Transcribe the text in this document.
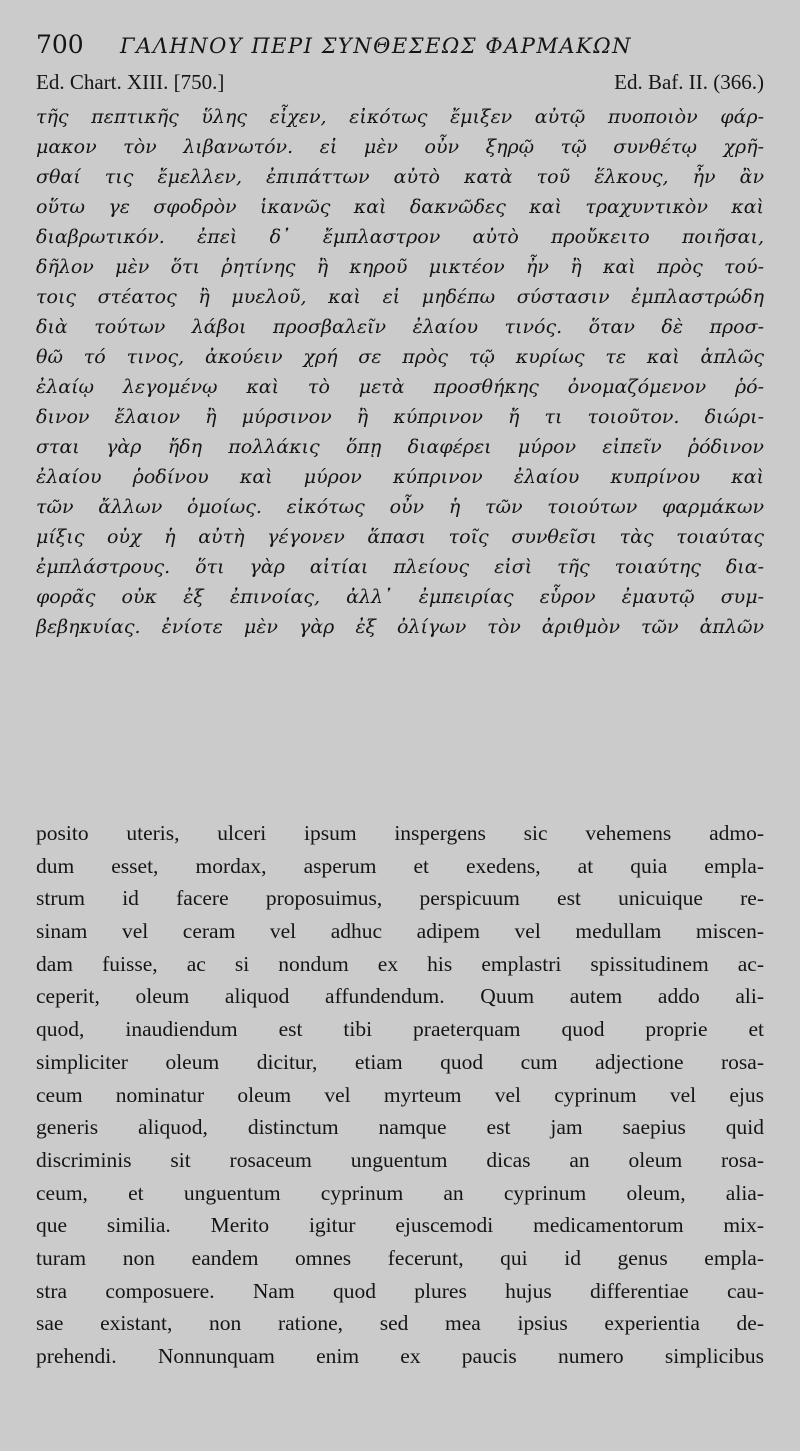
700	ΓΑΛΗΝΟΥ ΠΕΡΙ ΣΥΝΘΕΣΕΩΣ ΦΑΡΜΑΚΩΝ
Ed. Chart. XIII. [750.]	Ed. Baf. II. (366.)
τῆς πεπτικῆς ὕλης εἶχεν, εἰκότως ἔμιξεν αὐτῷ πυοποιὸν φάρ-
μακον τὸν λιβανωτόν. εἰ μὲν οὖν ξηρῷ τῷ συνθέτῳ χρῆ-
σθαί τις ἔμελλεν, ἐπιπάττων αὐτὸ κατὰ τοῦ ἕλκους, ἦν ἂν
οὕτω γε σφοδρὸν ἱκανῶς καὶ δακνῶδες καὶ τραχυντικὸν καὶ
διαβρωτικόν. ἐπεὶ δ᾽ ἔμπλαστρον αὐτὸ προὔκειτο ποιῆσαι,
δῆλον μὲν ὅτι ῥητίνης ἢ κηροῦ μικτέον ἦν ἢ καὶ πρὸς τού-
τοις στέατος ἢ μυελοῦ, καὶ εἰ μηδέπω σύστασιν ἐμπλαστρώδη
διὰ τούτων λάβοι προσβαλεῖν ἐλαίου τινός. ὅταν δὲ προσ-
θῶ τό τινος, ἀκούειν χρή σε πρὸς τῷ κυρίως τε καὶ ἁπλῶς
ἐλαίῳ λεγομένῳ καὶ τὸ μετὰ προσθήκης ὀνομαζόμενον ῥό-
δινον ἔλαιον ἢ μύρσινον ἢ κύπρινον ἤ τι τοιοῦτον. διώρι-
σται γὰρ ἤδη πολλάκις ὅπῃ διαφέρει μύρον εἰπεῖν ῥόδινον
ἐλαίου ῥοδίνου καὶ μύρον κύπρινον ἐλαίου κυπρίνου καὶ
τῶν ἄλλων ὁμοίως. εἰκότως οὖν ἡ τῶν τοιούτων φαρμάκων
μίξις οὐχ ἡ αὐτὴ γέγονεν ἅπασι τοῖς συνθεῖσι τὰς τοιαύτας
ἐμπλάστρους. ὅτι γὰρ αἰτίαι πλείους εἰσὶ τῆς τοιαύτης δια-
φορᾶς οὐκ ἐξ ἐπινοίας, ἀλλ᾽ ἐμπειρίας εὗρον ἐμαυτῷ συμ-
βεβηκυίας. ἐνίοτε μὲν γὰρ ἐξ ὀλίγων τὸν ἀριθμὸν τῶν ἁπλῶν
posito uteris, ulceri ipsum inspergens sic vehemens admo-
dum esset, mordax, asperum et exedens, at quia empla-
strum id facere proposuimus, perspicuum est unicuique re-
sinam vel ceram vel adhuc adipem vel medullam miscen-
dam fuisse, ac si nondum ex his emplastri spissitudinem ac-
ceperit, oleum aliquod affundendum. Quum autem addo ali-
quod, inaudiendum est tibi praeterquam quod proprie et
simpliciter oleum dicitur, etiam quod cum adjectione rosa-
ceum nominatur oleum vel myrteum vel cyprinum vel ejus
generis aliquod, distinctum namque est jam saepius quid
discriminis sit rosaceum unguentum dicas an oleum rosa-
ceum, et unguentum cyprinum an cyprinum oleum, alia-
que similia. Merito igitur ejuscemodi medicamentorum mix-
turam non eandem omnes fecerunt, qui id genus empla-
stra composuere. Nam quod plures hujus differentiae cau-
sae existant, non ratione, sed mea ipsius experientia de-
prehendi. Nonnunquam enim ex paucis numero simplicibus
